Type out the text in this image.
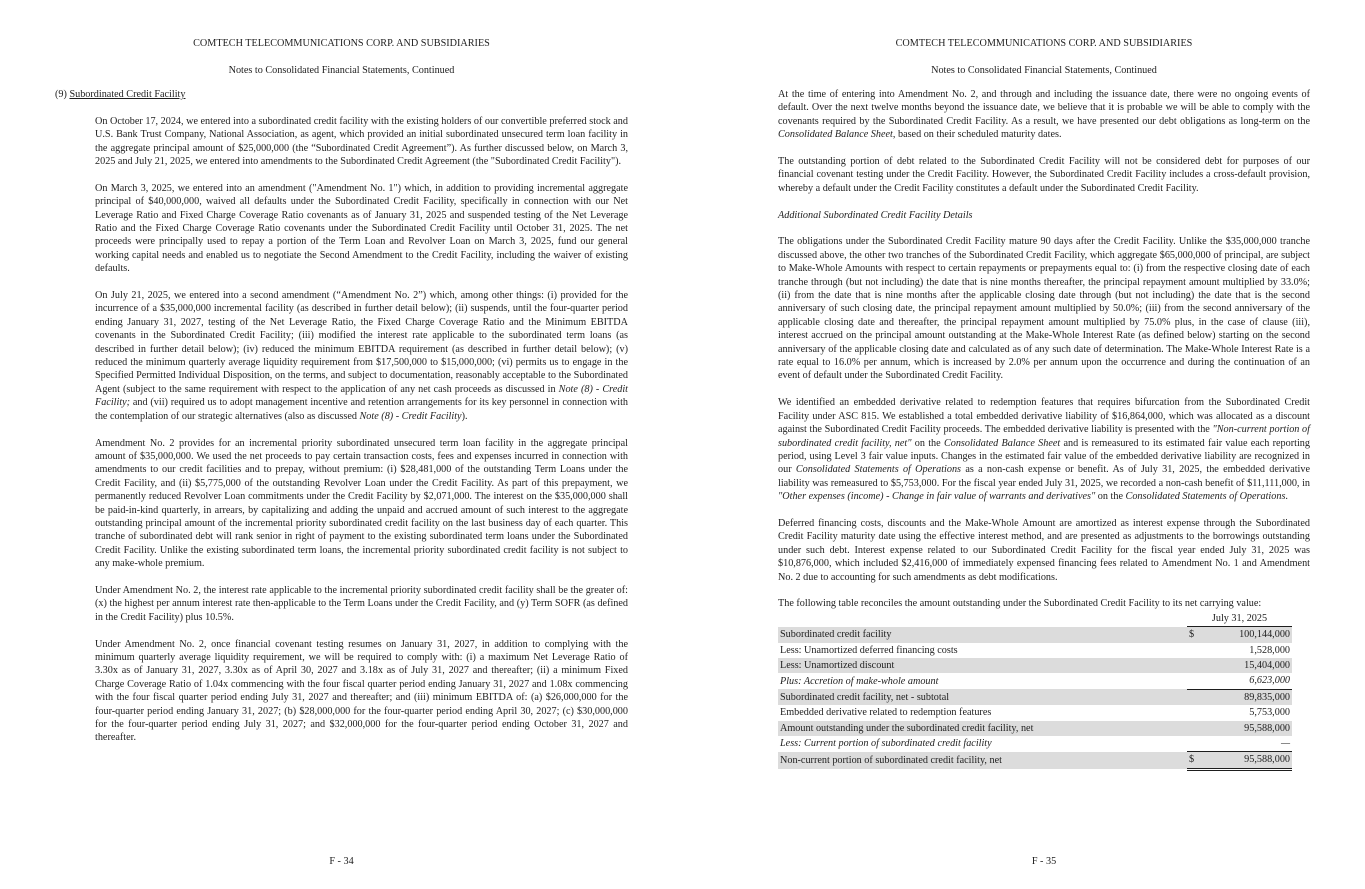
COMTECH TELECOMMUNICATIONS CORP. AND SUBSIDIARIES
Notes to Consolidated Financial Statements, Continued
(9) Subordinated Credit Facility

On October 17, 2024, we entered into a subordinated credit facility with the existing holders of our convertible preferred stock and U.S. Bank Trust Company, National Association, as agent, which provided an initial subordinated unsecured term loan facility in the aggregate principal amount of $25,000,000 (the “Subordinated Credit Agreement”). As further discussed below, on March 3, 2025 and July 21, 2025, we entered into amendments to the Subordinated Credit Agreement (the "Subordinated Credit Facility").

On March 3, 2025, we entered into an amendment ("Amendment No. 1") which, in addition to providing incremental aggregate principal of $40,000,000, waived all defaults under the Subordinated Credit Facility, specifically in connection with our Net Leverage Ratio and Fixed Charge Coverage Ratio covenants as of January 31, 2025 and suspended testing of the Net Leverage Ratio and the Fixed Charge Coverage Ratio covenants under the Subordinated Credit Facility until October 31, 2025. The net proceeds were principally used to repay a portion of the Term Loan and Revolver Loan on March 3, 2025, fund our general working capital needs and enabled us to negotiate the Second Amendment to the Credit Facility, including the waiver of existing defaults.

On July 21, 2025, we entered into a second amendment (“Amendment No. 2”) which, among other things: (i) provided for the incurrence of a $35,000,000 incremental facility (as described in further detail below); (ii) suspends, until the four-quarter period ending January 31, 2027, testing of the Net Leverage Ratio, the Fixed Charge Coverage Ratio and the Minimum EBITDA covenants in the Subordinated Credit Facility; (iii) modified the interest rate applicable to the subordinated term loans (as described in further detail below); (iv) reduced the minimum EBITDA requirement (as described in further detail below); (v) reduced the minimum quarterly average liquidity requirement from $17,500,000 to $15,000,000; (vi) permits us to engage in the Specified Permitted Individual Disposition, on the terms, and subject to documentation, reasonably acceptable to the Subordinated Agent (subject to the same requirement with respect to the application of any net cash proceeds as discussed in Note (8) - Credit Facility; and (vii) required us to adopt management incentive and retention arrangements for its key personnel in connection with the contemplation of our strategic alternatives (also as discussed Note (8) - Credit Facility).

Amendment No. 2 provides for an incremental priority subordinated unsecured term loan facility in the aggregate principal amount of $35,000,000. We used the net proceeds to pay certain transaction costs, fees and expenses incurred in connection with amendments to our credit facilities and to prepay, without premium: (i) $28,481,000 of the outstanding Term Loans under the Credit Facility, and (ii) $5,775,000 of the outstanding Revolver Loan under the Credit Facility. As part of this prepayment, we permanently reduced Revolver Loan commitments under the Credit Facility by $2,071,000. The interest on the $35,000,000 shall be paid-in-kind quarterly, in arrears, by capitalizing and adding the unpaid and accrued amount of such interest to the aggregate outstanding principal amount of the incremental priority subordinated credit facility on the last business day of each quarter. This tranche of subordinated debt will rank senior in right of payment to the existing subordinated term loans under the Subordinated Credit Facility. Unlike the existing subordinated term loans, the incremental priority subordinated credit facility is not subject to any make-whole premium.

Under Amendment No. 2, the interest rate applicable to the incremental priority subordinated credit facility shall be the greater of: (x) the highest per annum interest rate then-applicable to the Term Loans under the Credit Facility, and (y) Term SOFR (as defined in the Credit Facility) plus 10.5%.

Under Amendment No. 2, once financial covenant testing resumes on January 31, 2027, in addition to complying with the minimum quarterly average liquidity requirement, we will be required to comply with: (i) a maximum Net Leverage Ratio of 3.30x as of January 31, 2027, 3.30x as of April 30, 2027 and 3.18x as of July 31, 2027 and thereafter; (ii) a minimum Fixed Charge Coverage Ratio of 1.04x commencing with the four fiscal quarter period ending January 31, 2027 and 1.08x commencing with the four fiscal quarter period ending July 31, 2027 and thereafter; and (iii) minimum EBITDA of: (a) $26,000,000 for the four-quarter period ending January 31, 2027; (b) $28,000,000 for the four-quarter period ending April 30, 2027; (c) $30,000,000 for the four-quarter period ending July 31, 2027; and $32,000,000 for the four-quarter period ending October 31, 2027 and thereafter.

F - 34
COMTECH TELECOMMUNICATIONS CORP. AND SUBSIDIARIES
Notes to Consolidated Financial Statements, Continued

At the time of entering into Amendment No. 2, and through and including the issuance date, there were no ongoing events of default. Over the next twelve months beyond the issuance date, we believe that it is probable we will be able to comply with the covenants required by the Subordinated Credit Facility. As a result, we have presented our debt obligations as long-term on the Consolidated Balance Sheet, based on their scheduled maturity dates.

The outstanding portion of debt related to the Subordinated Credit Facility will not be considered debt for purposes of our financial covenant testing under the Credit Facility. However, the Subordinated Credit Facility includes a cross-default provision, whereby a default under the Credit Facility constitutes a default under the Subordinated Credit Facility.

Additional Subordinated Credit Facility Details

The obligations under the Subordinated Credit Facility mature 90 days after the Credit Facility. Unlike the $35,000,000 tranche discussed above, the other two tranches of the Subordinated Credit Facility, which aggregate $65,000,000 of principal, are subject to Make-Whole Amounts with respect to certain repayments or prepayments equal to: (i) from the respective closing date of each tranche through (but not including) the date that is nine months thereafter, the principal repayment amount multiplied by 33.0%; (ii) from the date that is nine months after the applicable closing date through (but not including) the date that is the second anniversary of such closing date, the principal repayment amount multiplied by 50.0%; (iii) from the second anniversary of the applicable closing date and thereafter, the principal repayment amount multiplied by 75.0% plus, in the case of clause (iii), interest accrued on the principal amount outstanding at the Make-Whole Interest Rate (as defined below) starting on the second anniversary of the applicable closing date and calculated as of any such date of determination. The Make-Whole Interest Rate is a rate equal to 16.0% per annum, which is increased by 2.0% per annum upon the occurrence and during the continuation of an event of default under the Subordinated Credit Facility.

We identified an embedded derivative related to redemption features that requires bifurcation from the Subordinated Credit Facility under ASC 815. We established a total embedded derivative liability of $16,864,000, which was allocated as a discount against the Subordinated Credit Facility proceeds. The embedded derivative liability is presented with the "Non-current portion of subordinated credit facility, net" on the Consolidated Balance Sheet and is remeasured to its estimated fair value each reporting period, using Level 3 fair value inputs. Changes in the estimated fair value of the embedded derivative liability are recognized in our Consolidated Statements of Operations as a non-cash expense or benefit. As of July 31, 2025, the embedded derivative liability was remeasured to $5,753,000. For the fiscal year ended July 31, 2025, we recorded a non-cash benefit of $11,111,000, in "Other expenses (income) - Change in fair value of warrants and derivatives" on the Consolidated Statements of Operations.

Deferred financing costs, discounts and the Make-Whole Amount are amortized as interest expense through the Subordinated Credit Facility maturity date using the effective interest method, and are presented as adjustments to the borrowings outstanding under such debt. Interest expense related to our Subordinated Credit Facility for the fiscal year ended July 31, 2025 was $10,876,000, which included $2,416,000 of immediately expensed financing fees related to Amendment No. 1 and Amendment No. 2 due to accounting for such amendments as debt modifications.

The following table reconciles the amount outstanding under the Subordinated Credit Facility to its net carrying value:

	July 31, 2025	
Subordinated credit facility	$	100,144,000
Less: Unamortized deferred financing costs		1,528,000
Less: Unamortized discount		15,404,000
Plus: Accretion of make-whole amount		6,623,000
Subordinated credit facility, net - subtotal		89,835,000
Embedded derivative related to redemption features		5,753,000
Amount outstanding under the subordinated credit facility, net		95,588,000
Less: Current portion of subordinated credit facility		—
Non-current portion of subordinated credit facility, net	$	95,588,000
F - 35
